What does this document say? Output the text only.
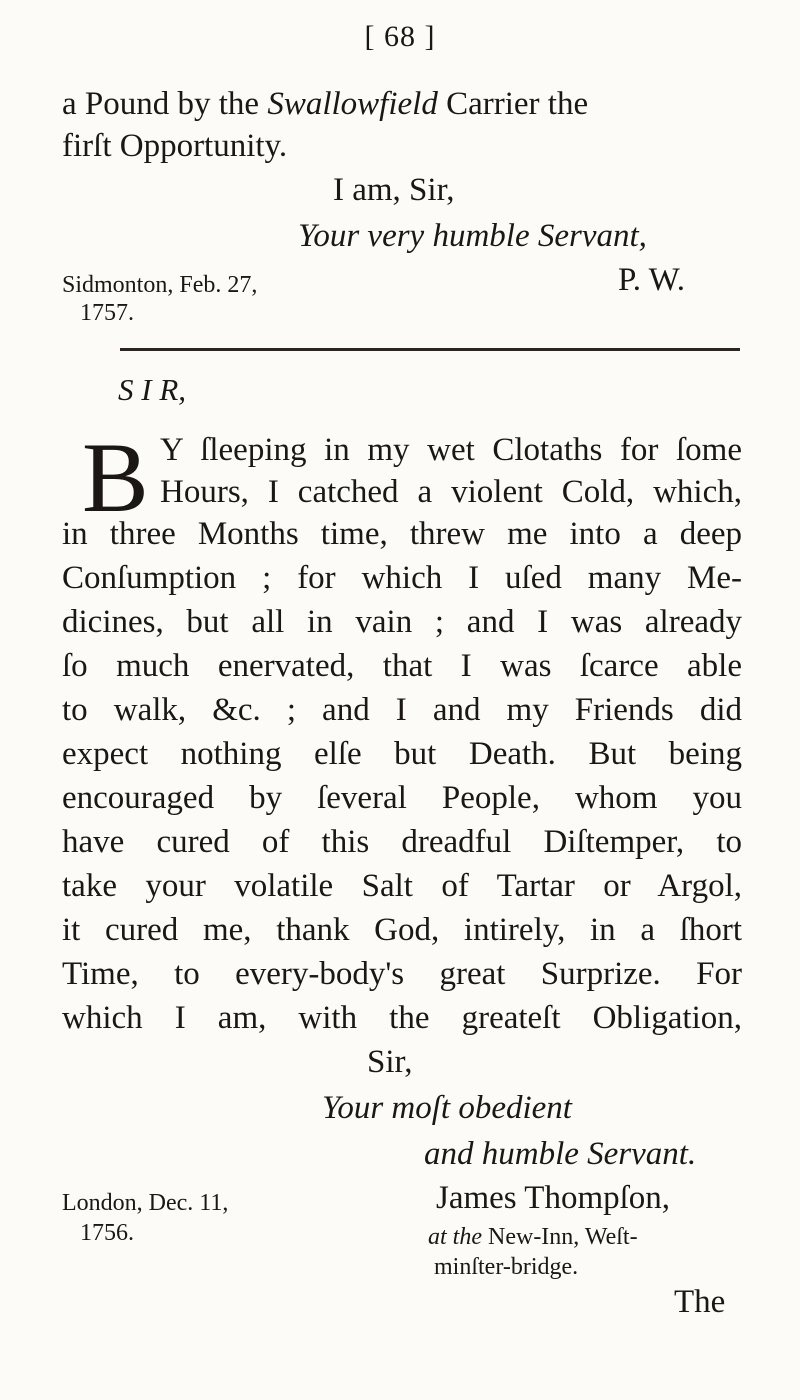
[ 68 ]
a Pound by the Swallowfield Carrier the
firſt Opportunity.
I am, Sir,
Your very humble Servant,
Sidmonton, Feb. 27,
1757.
P. W.
S I R,
B Y ſleeping in my wet Clotaths for ſome
Hours, I catched a violent Cold, which,
in three Months time, threw me into a deep
Conſumption ; for which I uſed many Me-
dicines, but all in vain ; and I was already
ſo much enervated, that I was ſcarce able
to walk, &c. ; and I and my Friends did
expect nothing elſe but Death. But being
encouraged by ſeveral People, whom you
have cured of this dreadful Diſtemper, to
take your volatile Salt of Tartar or Argol,
it cured me, thank God, intirely, in a ſhort
Time, to every-body's great Surprize. For
which I am, with the greateſt Obligation,
Sir,
Your moſt obedient
and humble Servant.
London, Dec. 11,
1756.
James Thompſon,
at the New-Inn, Weſt-
minſter-bridge.
The
